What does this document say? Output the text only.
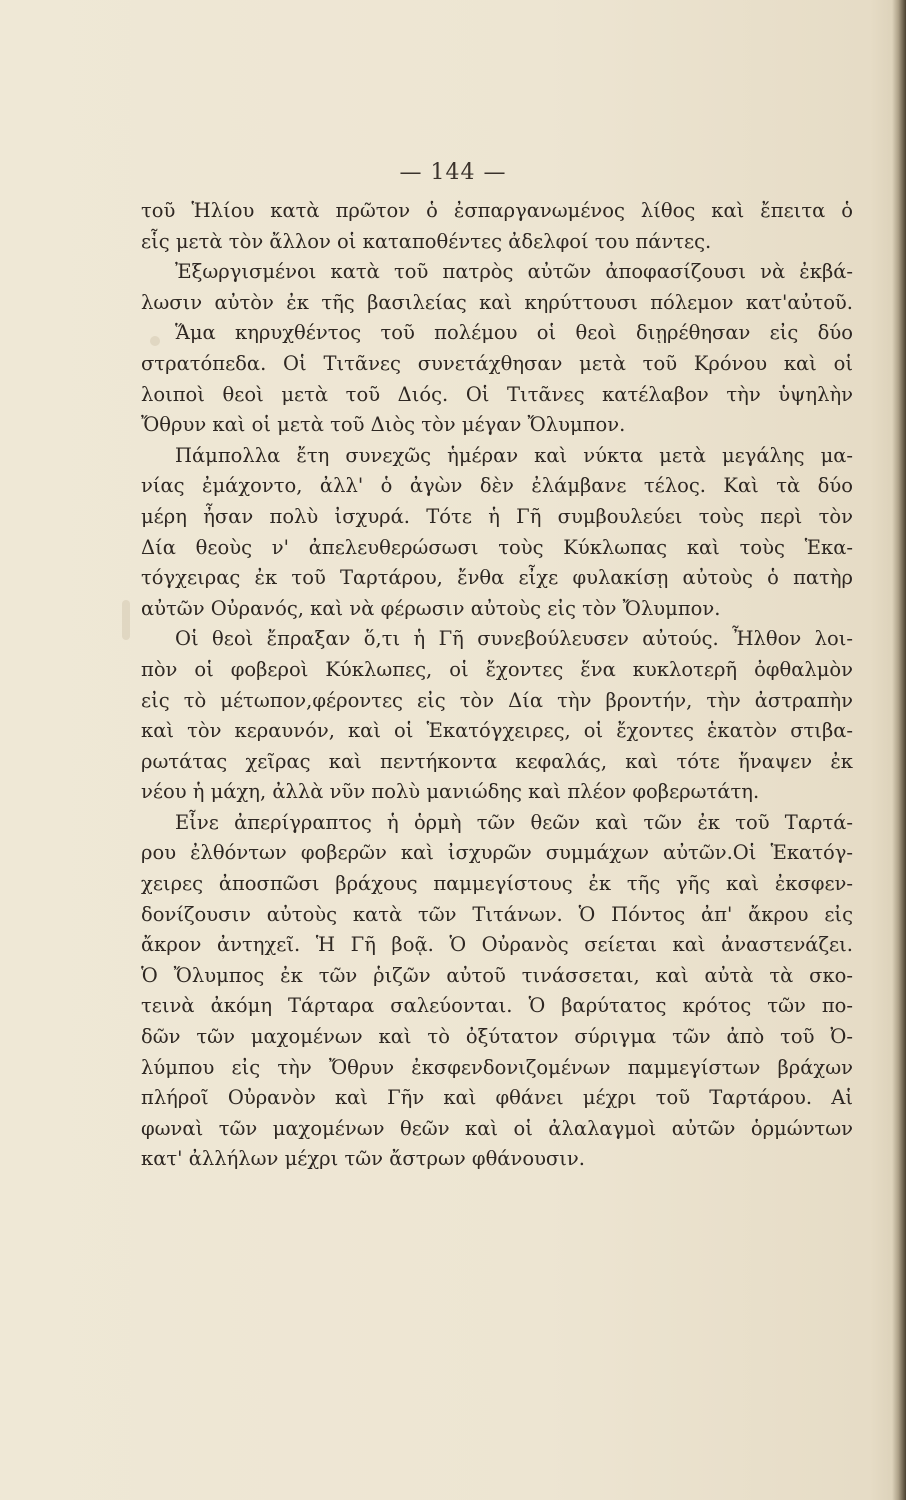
— 144 —
τοῦ Ἡλίου κατὰ πρῶτον ὁ ἐσπαργανωμένος λίθος καὶ ἔπειτα ὁ
εἷς μετὰ τὸν ἄλλον οἱ καταποθέντες ἀδελφοί του πάντες.
Ἐξωργισμένοι κατὰ τοῦ πατρὸς αὐτῶν ἀποφασίζουσι νὰ ἐκβά-
λωσιν αὐτὸν ἐκ τῆς βασιλείας καὶ κηρύττουσι πόλεμον κατ'αὐτοῦ.
Ἅμα κηρυχθέντος τοῦ πολέμου οἱ θεοὶ διῃρέθησαν εἰς δύο
στρατόπεδα. Οἱ Τιτᾶνες συνετάχθησαν μετὰ τοῦ Κρόνου καὶ οἱ
λοιποὶ θεοὶ μετὰ τοῦ Διός. Οἱ Τιτᾶνες κατέλαβον τὴν ὑψηλὴν
Ὄθρυν καὶ οἱ μετὰ τοῦ Διὸς τὸν μέγαν Ὄλυμπον.
Πάμπολλα ἔτη συνεχῶς ἡμέραν καὶ νύκτα μετὰ μεγάλης μα-
νίας ἐμάχοντο, ἀλλ' ὁ ἀγὼν δὲν ἐλάμβανε τέλος. Καὶ τὰ δύο
μέρη ἦσαν πολὺ ἰσχυρά. Τότε ἡ Γῆ συμβουλεύει τοὺς περὶ τὸν
Δία θεοὺς ν' ἀπελευθερώσωσι τοὺς Κύκλωπας καὶ τοὺς Ἑκα-
τόγχειρας ἐκ τοῦ Ταρτάρου, ἔνθα εἶχε φυλακίσῃ αὐτοὺς ὁ πατὴρ
αὐτῶν Οὐρανός, καὶ νὰ φέρωσιν αὐτοὺς εἰς τὸν Ὄλυμπον.
Οἱ θεοὶ ἔπραξαν ὅ,τι ἡ Γῆ συνεβούλευσεν αὐτούς. Ἦλθον λοι-
πὸν οἱ φοβεροὶ Κύκλωπες, οἱ ἔχοντες ἕνα κυκλοτερῆ ὀφθαλμὸν
εἰς τὸ μέτωπον,φέροντες εἰς τὸν Δία τὴν βροντήν, τὴν ἀστραπὴν
καὶ τὸν κεραυνόν, καὶ οἱ Ἑκατόγχειρες, οἱ ἔχοντες ἑκατὸν στιβα-
ρωτάτας χεῖρας καὶ πεντήκοντα κεφαλάς, καὶ τότε ἥναψεν ἐκ
νέου ἡ μάχη, ἀλλὰ νῦν πολὺ μανιώδης καὶ πλέον φοβερωτάτη.
Εἶνε ἀπερίγραπτος ἡ ὁρμὴ τῶν θεῶν καὶ τῶν ἐκ τοῦ Ταρτά-
ρου ἐλθόντων φοβερῶν καὶ ἰσχυρῶν συμμάχων αὐτῶν.Οἱ Ἑκατόγ-
χειρες ἀποσπῶσι βράχους παμμεγίστους ἐκ τῆς γῆς καὶ ἐκσφεν-
δονίζουσιν αὐτοὺς κατὰ τῶν Τιτάνων. Ὁ Πόντος ἀπ' ἄκρου εἰς
ἄκρον ἀντηχεῖ. Ἡ Γῆ βοᾷ. Ὁ Οὐρανὸς σείεται καὶ ἀναστενάζει.
Ὁ Ὄλυμπος ἐκ τῶν ῥιζῶν αὐτοῦ τινάσσεται, καὶ αὐτὰ τὰ σκο-
τεινὰ ἀκόμη Τάρταρα σαλεύονται. Ὁ βαρύτατος κρότος τῶν πο-
δῶν τῶν μαχομένων καὶ τὸ ὀξύτατον σύριγμα τῶν ἀπὸ τοῦ Ὀ-
λύμπου εἰς τὴν Ὄθρυν ἐκσφενδονιζομένων παμμεγίστων βράχων
πλήροῖ Οὐρανὸν καὶ Γῆν καὶ φθάνει μέχρι τοῦ Ταρτάρου. Αἱ
φωναὶ τῶν μαχομένων θεῶν καὶ οἱ ἀλαλαγμοὶ αὐτῶν ὁρμώντων
κατ' ἀλλήλων μέχρι τῶν ἄστρων φθάνουσιν.
